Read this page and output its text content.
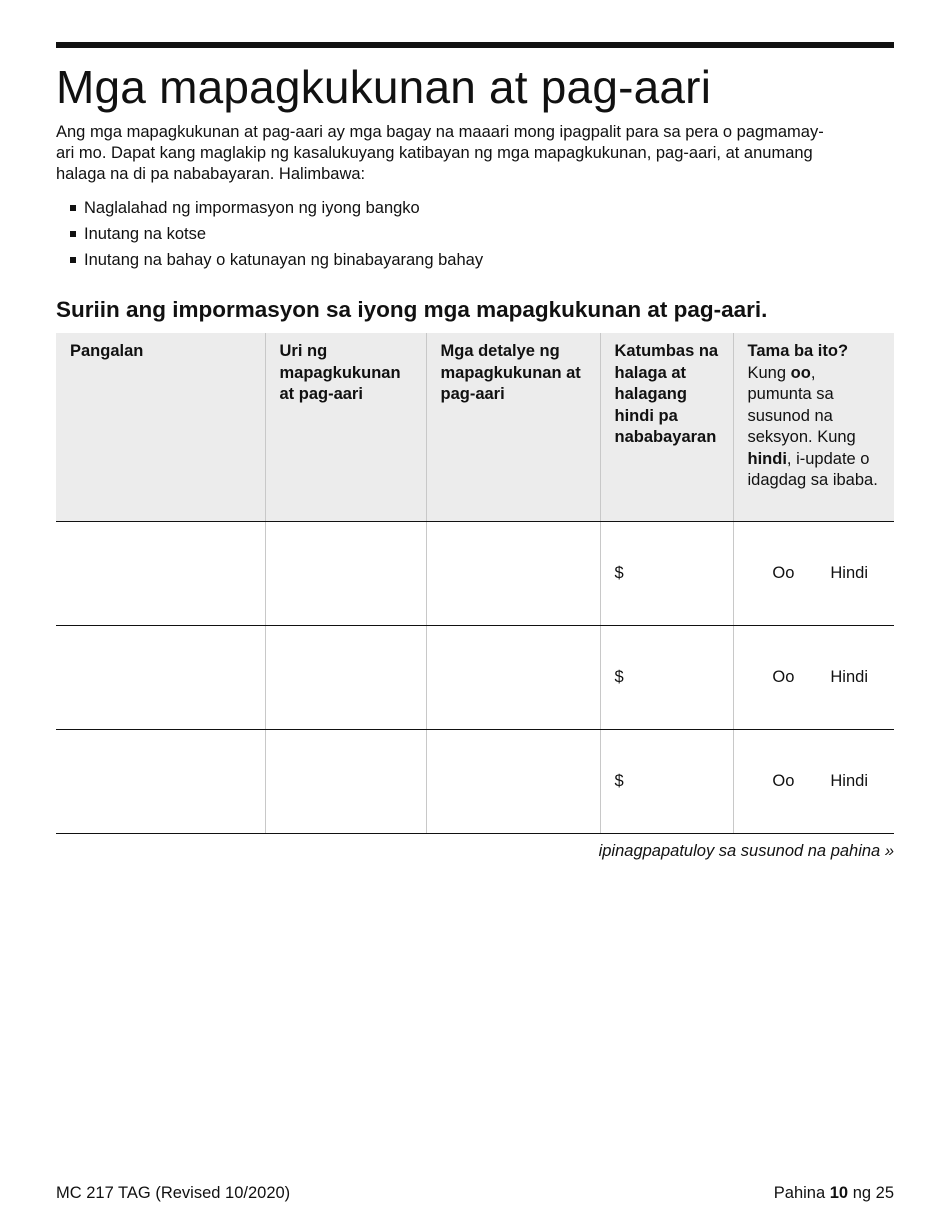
Mga mapagkukunan at pag-aari

Ang mga mapagkukunan at pag-aari ay mga bagay na maaari mong ipagpalit para sa pera o pagmamay-ari mo. Dapat kang maglakip ng kasalukuyang katibayan ng mga mapagkukunan, pag-aari, at anumang halaga na di pa nababayaran. Halimbawa:

Naglalahad ng impormasyon ng iyong bangko
Inutang na kotse
Inutang na bahay o katunayan ng binabayarang bahay
Suriin ang impormasyon sa iyong mga mapagkukunan at pag-aari.
Pangalan	Uri ng mapagkukunan at pag-aari	Mga detalye ng mapagkukunan at pag-aari	Katumbas na halaga at halagang hindi pa nababayaran	Tama ba ito?
Kung oo, pumunta sa susunod na seksyon. Kung hindi, i-update o idagdag sa ibaba.
			$	Oo Hindi

			$	Oo Hindi

			$	Oo Hindi
ipinagpapatuloy sa susunod na pahina »
MC 217 TAG (Revised 10/2020)	Pahina 10 ng 25
